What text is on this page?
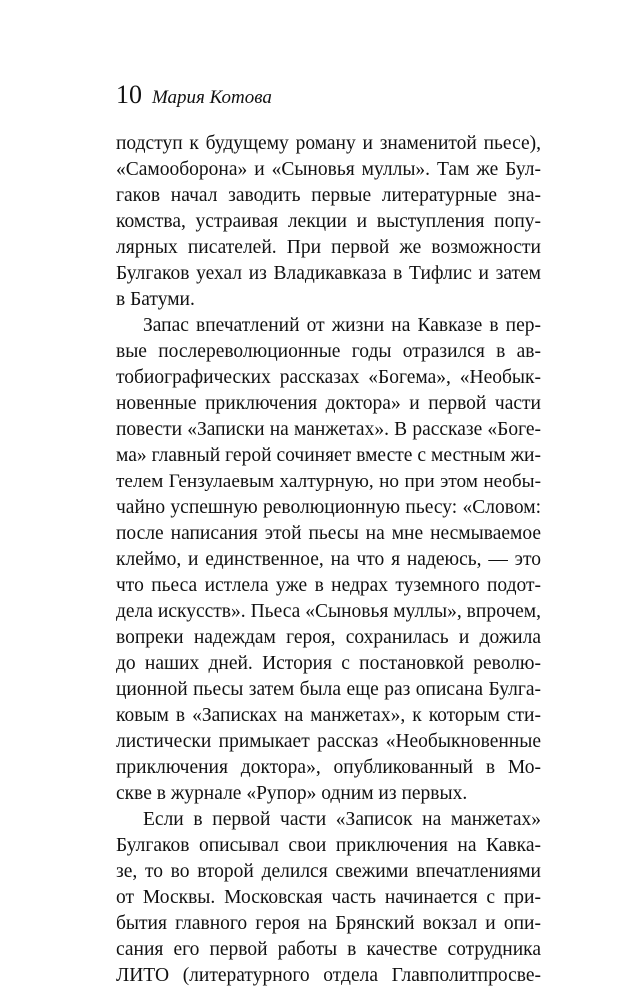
10 Мария Котова
подступ к будущему роману и знаменитой пьесе),
«Самооборона» и «Сыновья муллы». Там же Бул-
гаков начал заводить первые литературные зна-
комства, устраивая лекции и выступления попу-
лярных писателей. При первой же возможности
Булгаков уехал из Владикавказа в Тифлис и затем
в Батуми.
Запас впечатлений от жизни на Кавказе в пер-
вые послереволюционные годы отразился в ав-
тобиографических рассказах «Богема», «Необык-
новенные приключения доктора» и первой части
повести «Записки на манжетах». В рассказе «Боге-
ма» главный герой сочиняет вместе с местным жи-
телем Гензулаевым халтурную, но при этом необы-
чайно успешную революционную пьесу: «Словом:
после написания этой пьесы на мне несмываемое
клеймо, и единственное, на что я надеюсь, — это
что пьеса истлела уже в недрах туземного подот-
дела искусств». Пьеса «Сыновья муллы», впрочем,
вопреки надеждам героя, сохранилась и дожила
до наших дней. История с постановкой револю-
ционной пьесы затем была еще раз описана Булга-
ковым в «Записках на манжетах», к которым сти-
листически примыкает рассказ «Необыкновенные
приключения доктора», опубликованный в Мо-
скве в журнале «Рупор» одним из первых.
Если в первой части «Записок на манжетах»
Булгаков описывал свои приключения на Кавка-
зе, то во второй делился свежими впечатлениями
от Москвы. Московская часть начинается с при-
бытия главного героя на Брянский вокзал и опи-
сания его первой работы в качестве сотрудника
ЛИТО (литературного отдела Главполитпросве-
